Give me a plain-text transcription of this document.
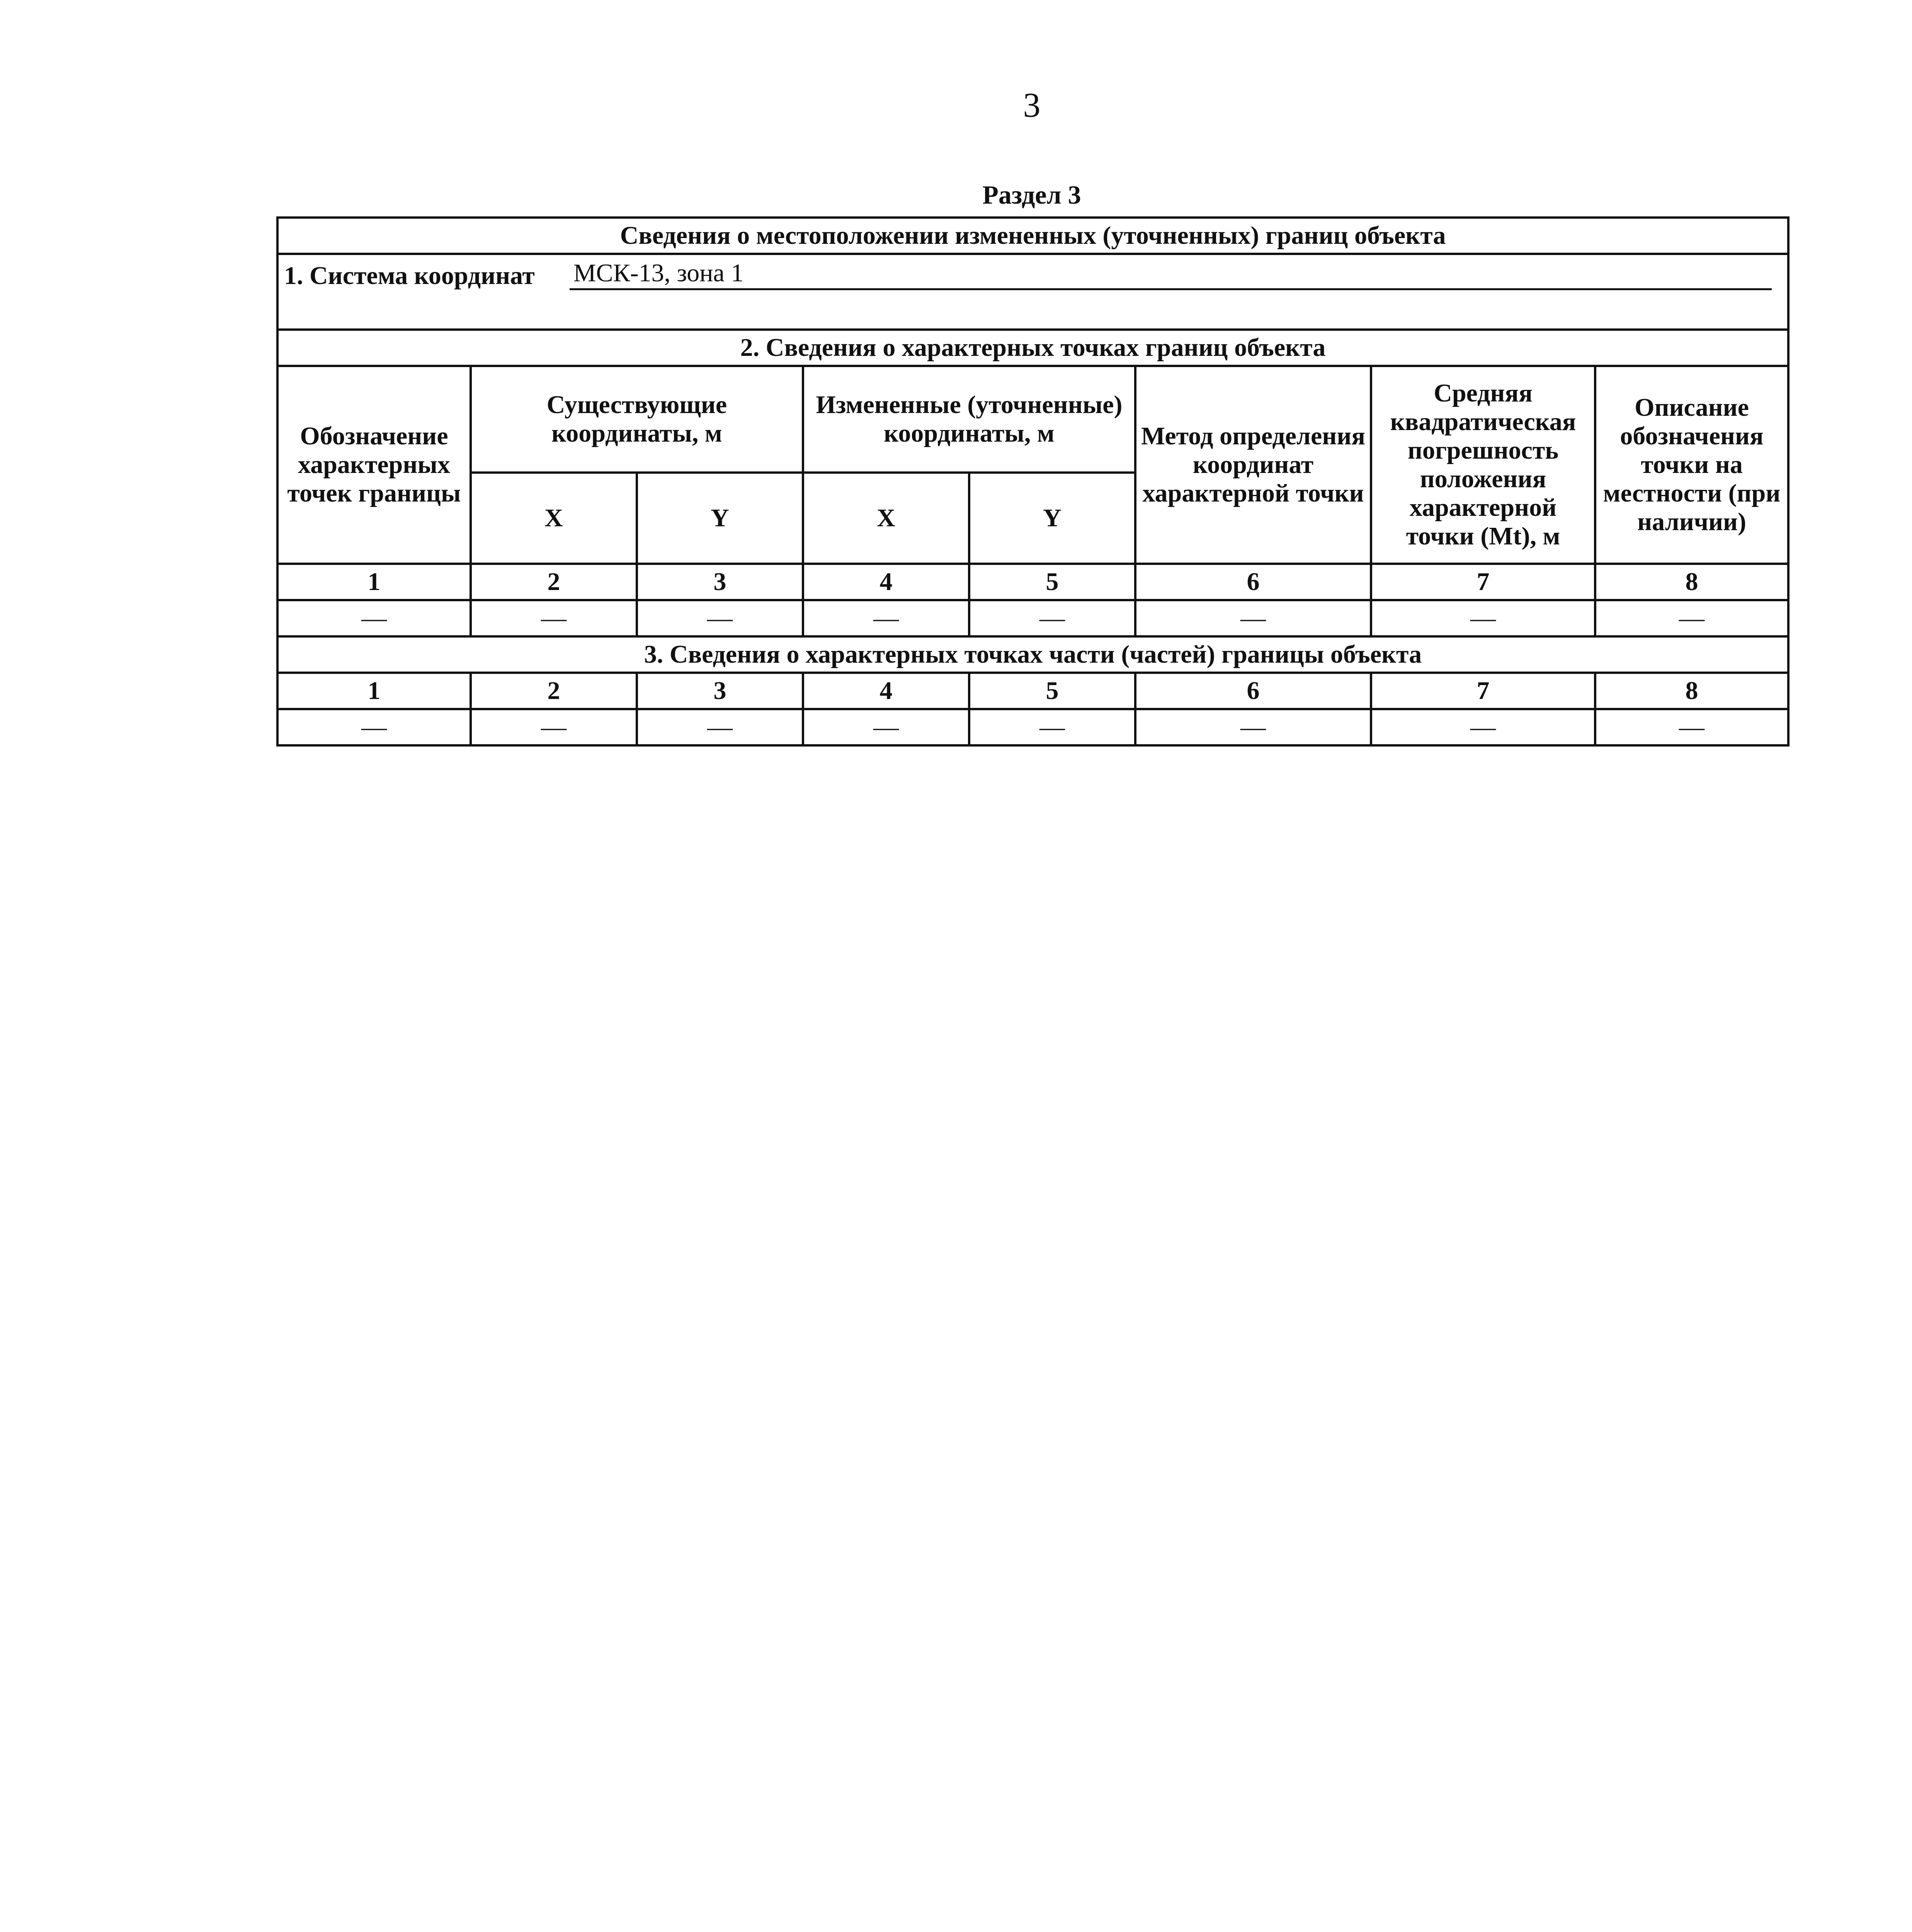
3
Раздел 3
Сведения о местоположении измененных (уточненных) границ объекта							

1. Система координат МСК-13, зона 1							

2. Сведения о характерных точках границ объекта							

Обозначение характерных точек границы	Существующие координаты, м		Измененные (уточненные) координаты, м		Метод определения координат характерной точки	Средняя квадратическая погрешность положения характерной точки (Mt), м	Описание обозначения точки на местности (при наличии)

	X	Y	X	Y			
1	2	3	4	5	6	7	8
—	—	—	—	—	—	—	—
3. Сведения о характерных точках части (частей) границы объекта							
1	2	3	4	5	6	7	8
—	—	—	—	—	—	—	—
